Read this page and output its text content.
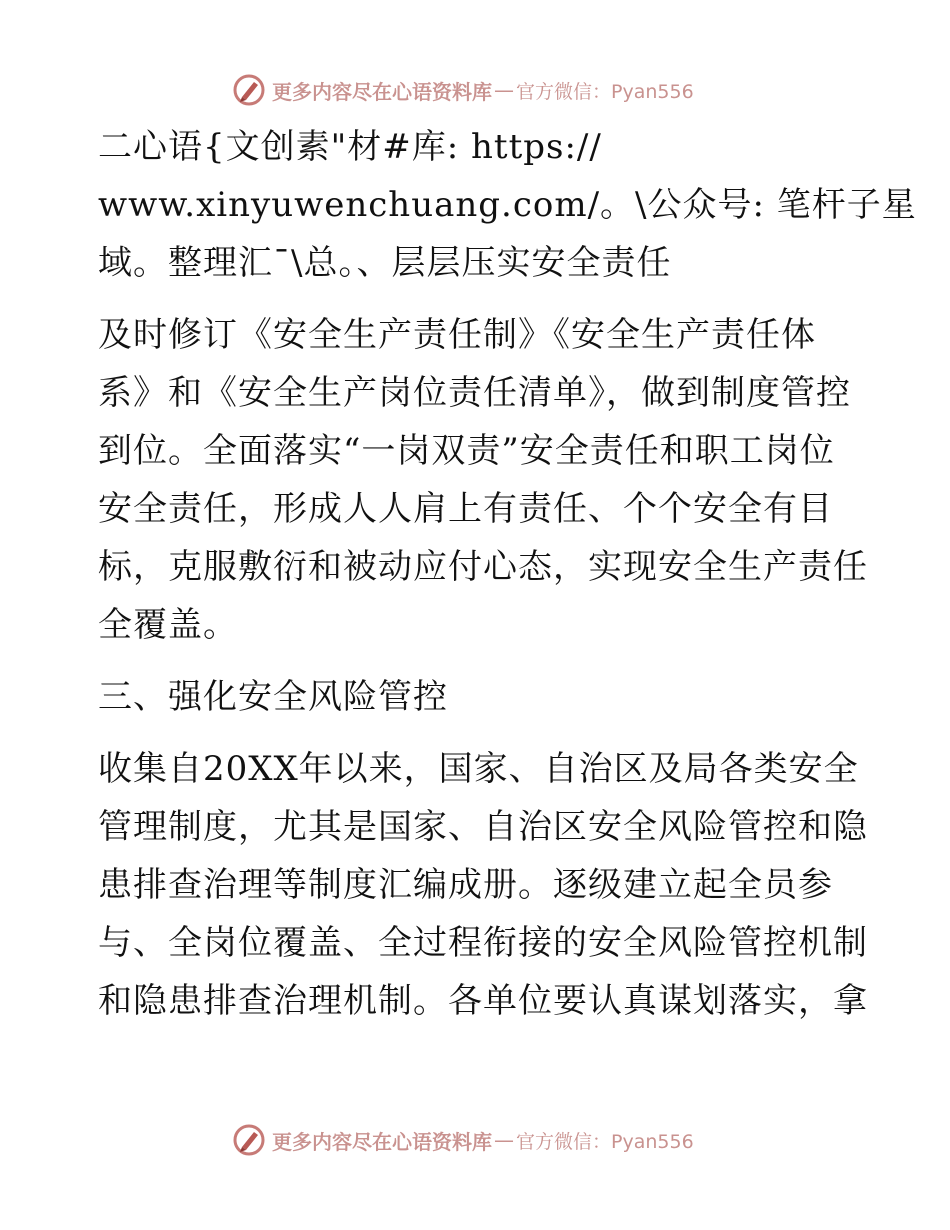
更多内容尽在心语资料库 — 官方微信：Pyan556
二心语{文创素"材#库: https://
www.xinyuwenchuang.com/。\公众号: 笔杆子星
域。整理汇¯\总。、层层压实安全责任
及时修订《安全生产责任制》《安全生产责任体
系》和《安全生产岗位责任清单》，做到制度管控
到位。全面落实“一岗双责”安全责任和职工岗位
安全责任，形成人人肩上有责任、个个安全有目
标，克服敷衍和被动应付心态，实现安全生产责任
全覆盖。
三、强化安全风险管控
收集自20XX年以来，国家、自治区及局各类安全
管理制度，尤其是国家、自治区安全风险管控和隐
患排查治理等制度汇编成册。逐级建立起全员参
与、全岗位覆盖、全过程衔接的安全风险管控机制
和隐患排查治理机制。各单位要认真谋划落实，拿
更多内容尽在心语资料库 — 官方微信：Pyan556
